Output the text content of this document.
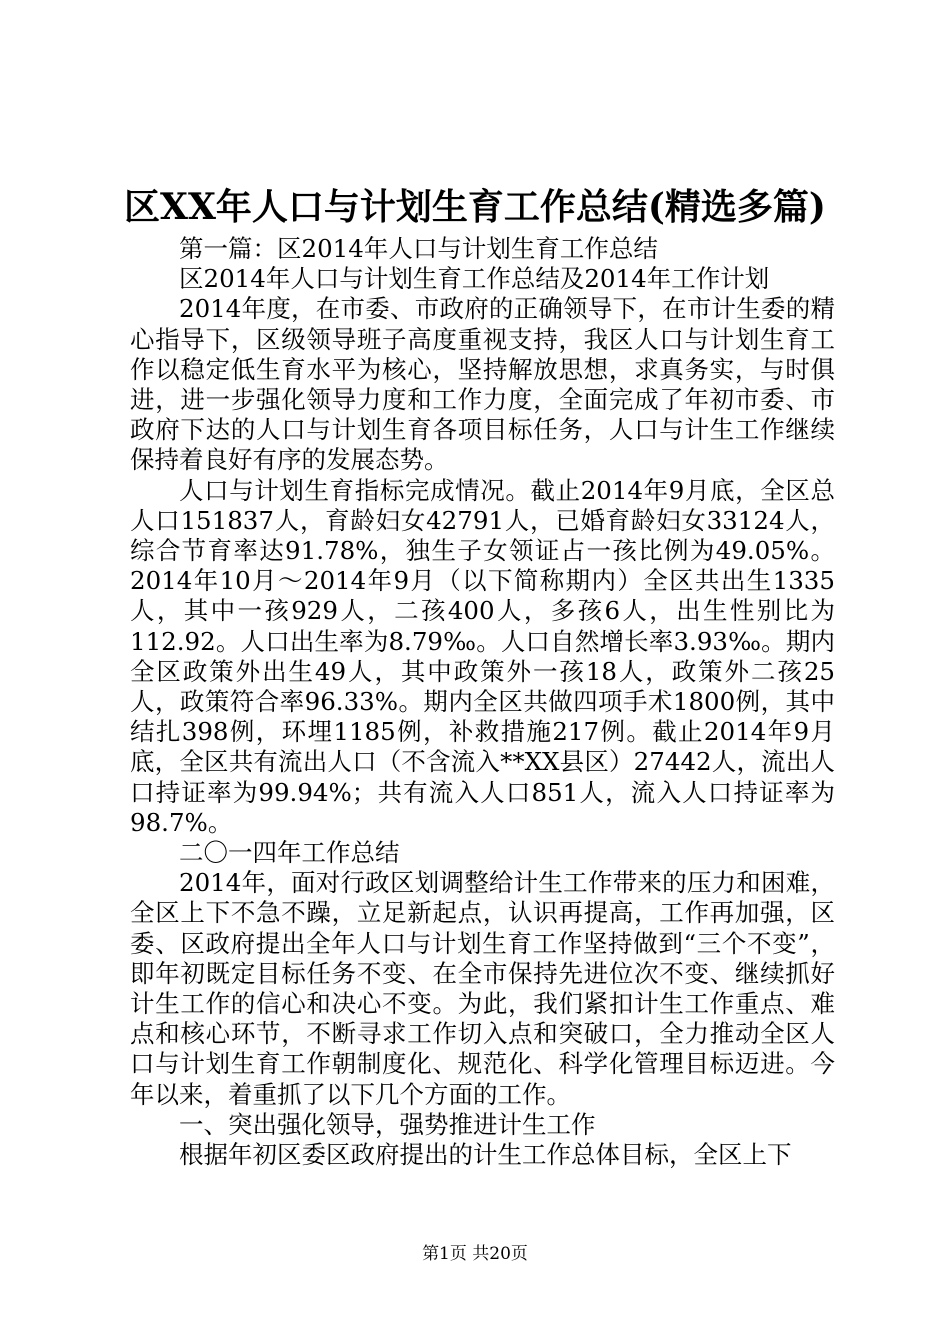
区XX年人口与计划生育工作总结(精选多篇)

第一篇：区2014年人口与计划生育工作总结

区2014年人口与计划生育工作总结及2014年工作计划

2014年度，在市委、市政府的正确领导下，在市计生委的精心指导下，区级领导班子高度重视支持，我区人口与计划生育工作以稳定低生育水平为核心，坚持解放思想，求真务实，与时俱进，进一步强化领导力度和工作力度，全面完成了年初市委、市政府下达的人口与计划生育各项目标任务，人口与计生工作继续保持着良好有序的发展态势。

人口与计划生育指标完成情况。截止2014年9月底，全区总人口151837人，育龄妇女42791人，已婚育龄妇女33124人，综合节育率达91.78%，独生子女领证占一孩比例为49.05%。2014年10月～2014年9月（以下简称期内）全区共出生1335人，其中一孩929人，二孩400人，多孩6人，出生性别比为112.92。人口出生率为8.79‰。人口自然增长率3.93‰。期内全区政策外出生49人，其中政策外一孩18人，政策外二孩25人，政策符合率96.33%。期内全区共做四项手术1800例，其中结扎398例，环埋1185例，补救措施217例。截止2014年9月底，全区共有流出人口（不含流入**XX县区）27442人，流出人口持证率为99.94%；共有流入人口851人，流入人口持证率为98.7%。

二〇一四年工作总结

2014年，面对行政区划调整给计生工作带来的压力和困难，全区上下不急不躁，立足新起点，认识再提高，工作再加强，区委、区政府提出全年人口与计划生育工作坚持做到“三个不变”，即年初既定目标任务不变、在全市保持先进位次不变、继续抓好计生工作的信心和决心不变。为此，我们紧扣计生工作重点、难点和核心环节，不断寻求工作切入点和突破口，全力推动全区人口与计划生育工作朝制度化、规范化、科学化管理目标迈进。今年以来，着重抓了以下几个方面的工作。

一、突出强化领导，强势推进计生工作

根据年初区委区政府提出的计生工作总体目标，全区上下

第1页 共20页
